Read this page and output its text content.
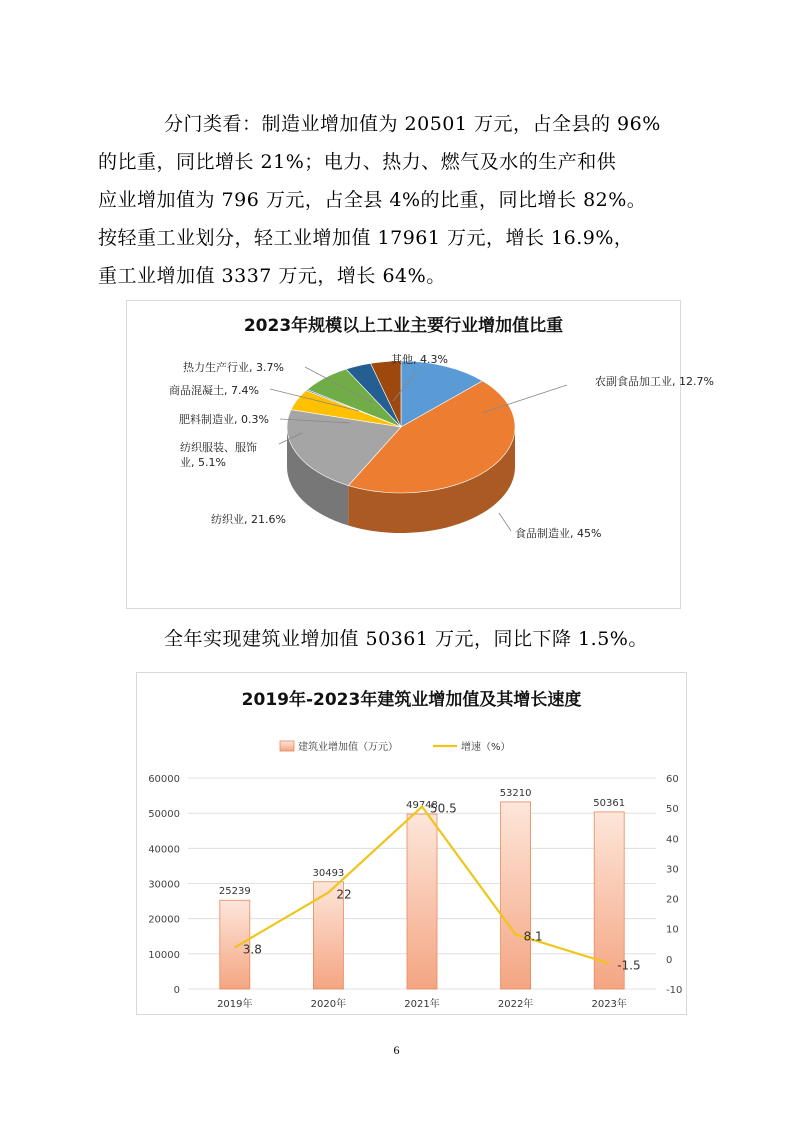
分门类看：制造业增加值为 20501 万元，占全县的 96%
的比重，同比增长 21%；电力、热力、燃气及水的生产和供
应业增加值为 796 万元，占全县 4%的比重，同比增长 82%。
按轻重工业划分，轻工业增加值 17961 万元，增长 16.9%，
重工业增加值 3337 万元，增长 64%。
2023年规模以上工业主要行业增加值比重
农副食品加工业, 12.7%
食品制造业, 45%
纺织业, 21.6%
纺织服装、服饰
业, 5.1%
肥料制造业, 0.3%
商品混凝土, 7.4%
热力生产行业, 3.7%
其他, 4.3%
全年实现建筑业增加值 50361 万元，同比下降 1.5%。
2019年-2023年建筑业增加值及其增长速度
0
10000
20000
30000
40000
50000
60000
-10
0
10
20
30
40
50
60
25239
2019年
30493
2020年
49748
2021年
53210
2022年
50361
2023年
3.8
22
50.5
8.1
-1.5
建筑业增加值（万元）	增速（%）
6
